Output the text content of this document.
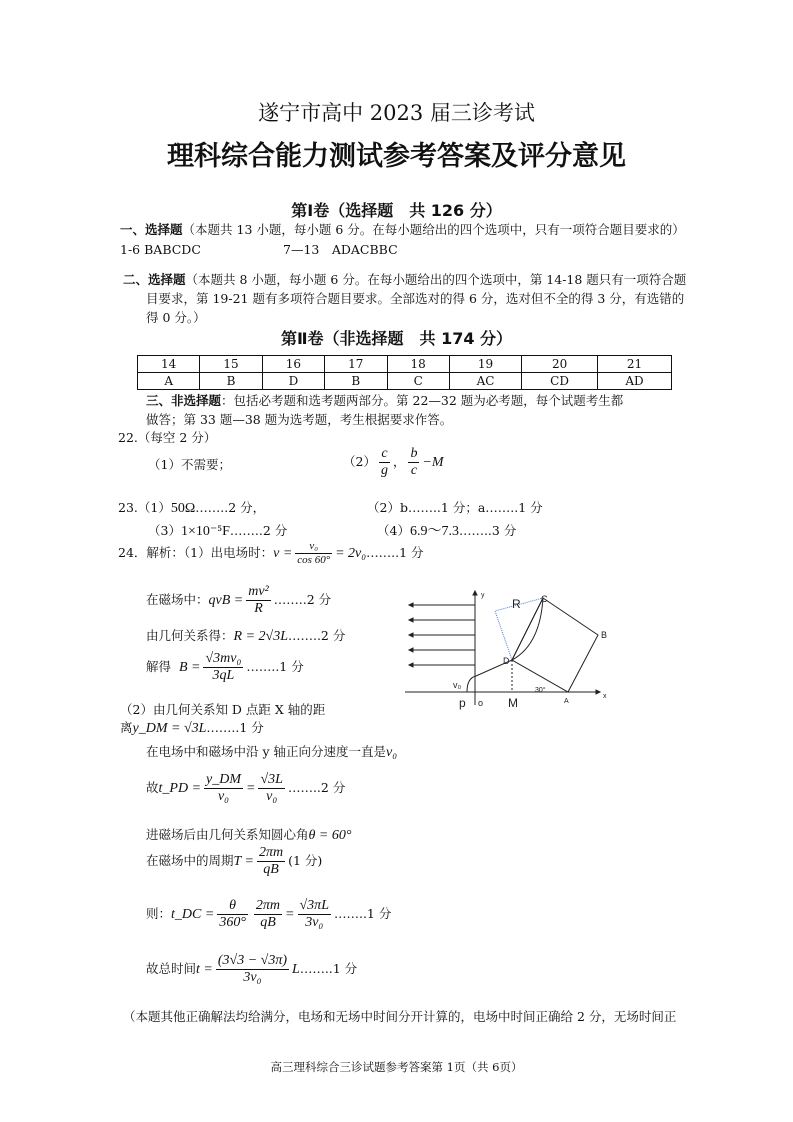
遂宁市高中 2023 届三诊考试
理科综合能力测试参考答案及评分意见
第Ⅰ卷（选择题　共 126 分）
一、选择题（本题共 13 小题，每小题 6 分。在每小题给出的四个选项中，只有一项符合题目要求的）
1-6 BABCDC	7—13　ADACBBC
二、选择题（本题共 8 小题，每小题 6 分。在每小题给出的四个选项中，第 14-18 题只有一项符合题
目要求，第 19-21 题有多项符合题目要求。全部选对的得 6 分，选对但不全的得 3 分，有选错的
得 0 分。）
第Ⅱ卷（非选择题　共 174 分）
14	15	16	17	18	19	20	21
A	B	D	B	C	AC	CD	AD
三、非选择题：包括必考题和选考题两部分。第 22—32 题为必考题，每个试题考生都
做答；第 33 题—38 题为选考题，考生根据要求作答。
22.（每空 2 分）
（1）不需要；	$(2) \frac{c}{g}$ ， $\frac{b}{c} -M$
23.（1）50Ω……..2 分，	（2）b……..1 分；a……..1 分
（3）1×10⁻⁵F……..2 分	（4）6.9～7.3……..3 分
24．解析：（1）出电场时：$v = \frac{\text{v₀}}{\cos 60^\circ}$ = 2v₀……..1 分
在磁场中：qvB = $\frac{\text{mv²}}{R}$ ……..2 分
由几何关系得：R = 2√3L……..2 分
解得 $B = \frac{\text{√3mv₀}}{3qL}$ ……..1 分
（2）由几何关系知 D 点距 X 轴的距
离y_DM = √3L……..1 分
在电场中和磁场中沿 y 轴正向分速度一直是v₀
故t_PD = $\frac{y\_DM}{\text{v₀}} = \frac{√3L}{\text{v₀}}$ ……..2 分
进磁场后由几何关系知圆心角θ = 60°
在磁场中的周期$T = \frac{2\pi m}{qB} (1$ 分)
则：t_DC = $\frac{\theta}{360^\circ} \frac{2\pi m}{qB} = \frac{√3\pi L}{\text{3v₀}}$ ……..1 分
故总时间$t = \frac{(3√3 - √3\pi)}{\text{3v₀}}$ L……..1 分
（本题其他正确解法均给满分，电场和无场中时间分开计算的，电场中时间正确给 2 分，无场时间正
高三理科综合三诊试题参考答案第 1页（共 6页）
R C
B
D
A
x
y
p o M
v₀
30°
